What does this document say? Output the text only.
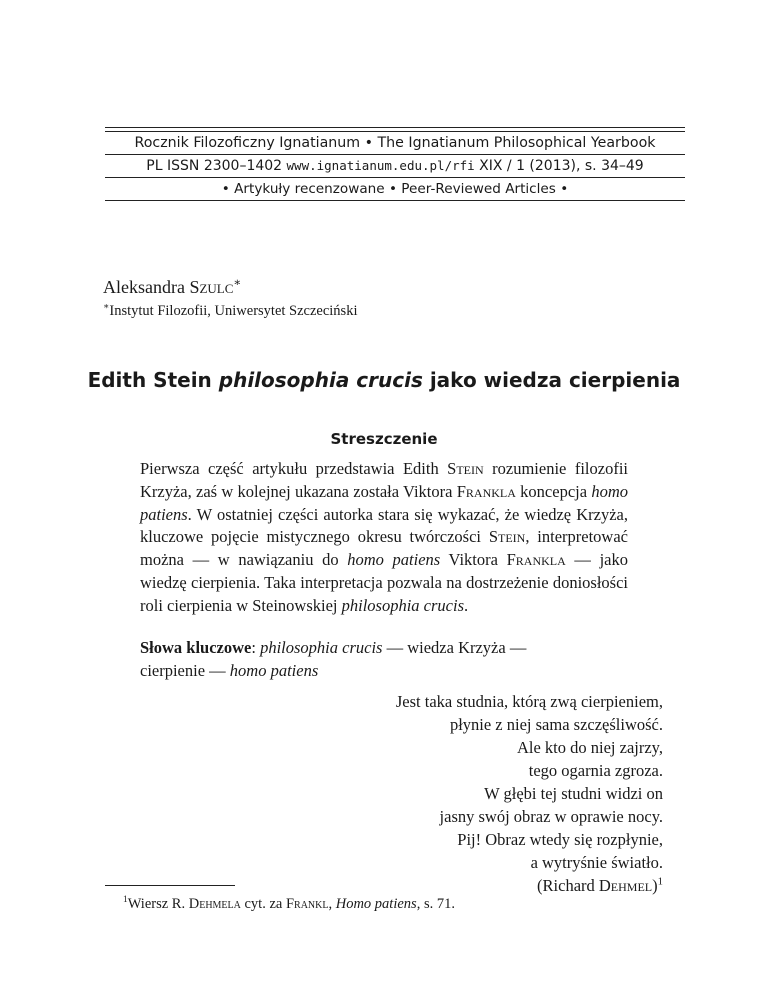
Rocznik Filozoficzny Ignatianum • The Ignatianum Philosophical Yearbook
PL ISSN 2300–1402 www.ignatianum.edu.pl/rfi XIX / 1 (2013), s. 34–49
• Artykuły recenzowane • Peer-Reviewed Articles •
Aleksandra Szulc∗
∗Instytut Filozofii, Uniwersytet Szczeciński
Edith Stein philosophia crucis jako wiedza cierpienia
Streszczenie

Pierwsza część artykułu przedstawia Edith Stein rozumienie filozofii Krzyża, zaś w kolejnej ukazana została Viktora Frankla koncepcja homo patiens. W ostatniej części autorka stara się wykazać, że wiedzę Krzyża, kluczowe pojęcie mistycznego okresu twórczości Stein, interpretować można — w nawiązaniu do homo patiens Viktora Frankla — jako wiedzę cierpienia. Taka interpretacja pozwala na dostrzeżenie doniosłości roli cierpienia w Steinowskiej philosophia crucis.

Słowa kluczowe: philosophia crucis — wiedza Krzyża —
cierpienie — homo patiens
Jest taka studnia, którą zwą cierpieniem,
płynie z niej sama szczęśliwość.
Ale kto do niej zajrzy,
tego ogarnia zgroza.
W głębi tej studni widzi on
jasny swój obraz w oprawie nocy.
Pij! Obraz wtedy się rozpłynie,
a wytryśnie światło.
(Richard Dehmel)$^1$
$^1$Wiersz R. Dehmela cyt. za Frankl, Homo patiens, s. 71.
